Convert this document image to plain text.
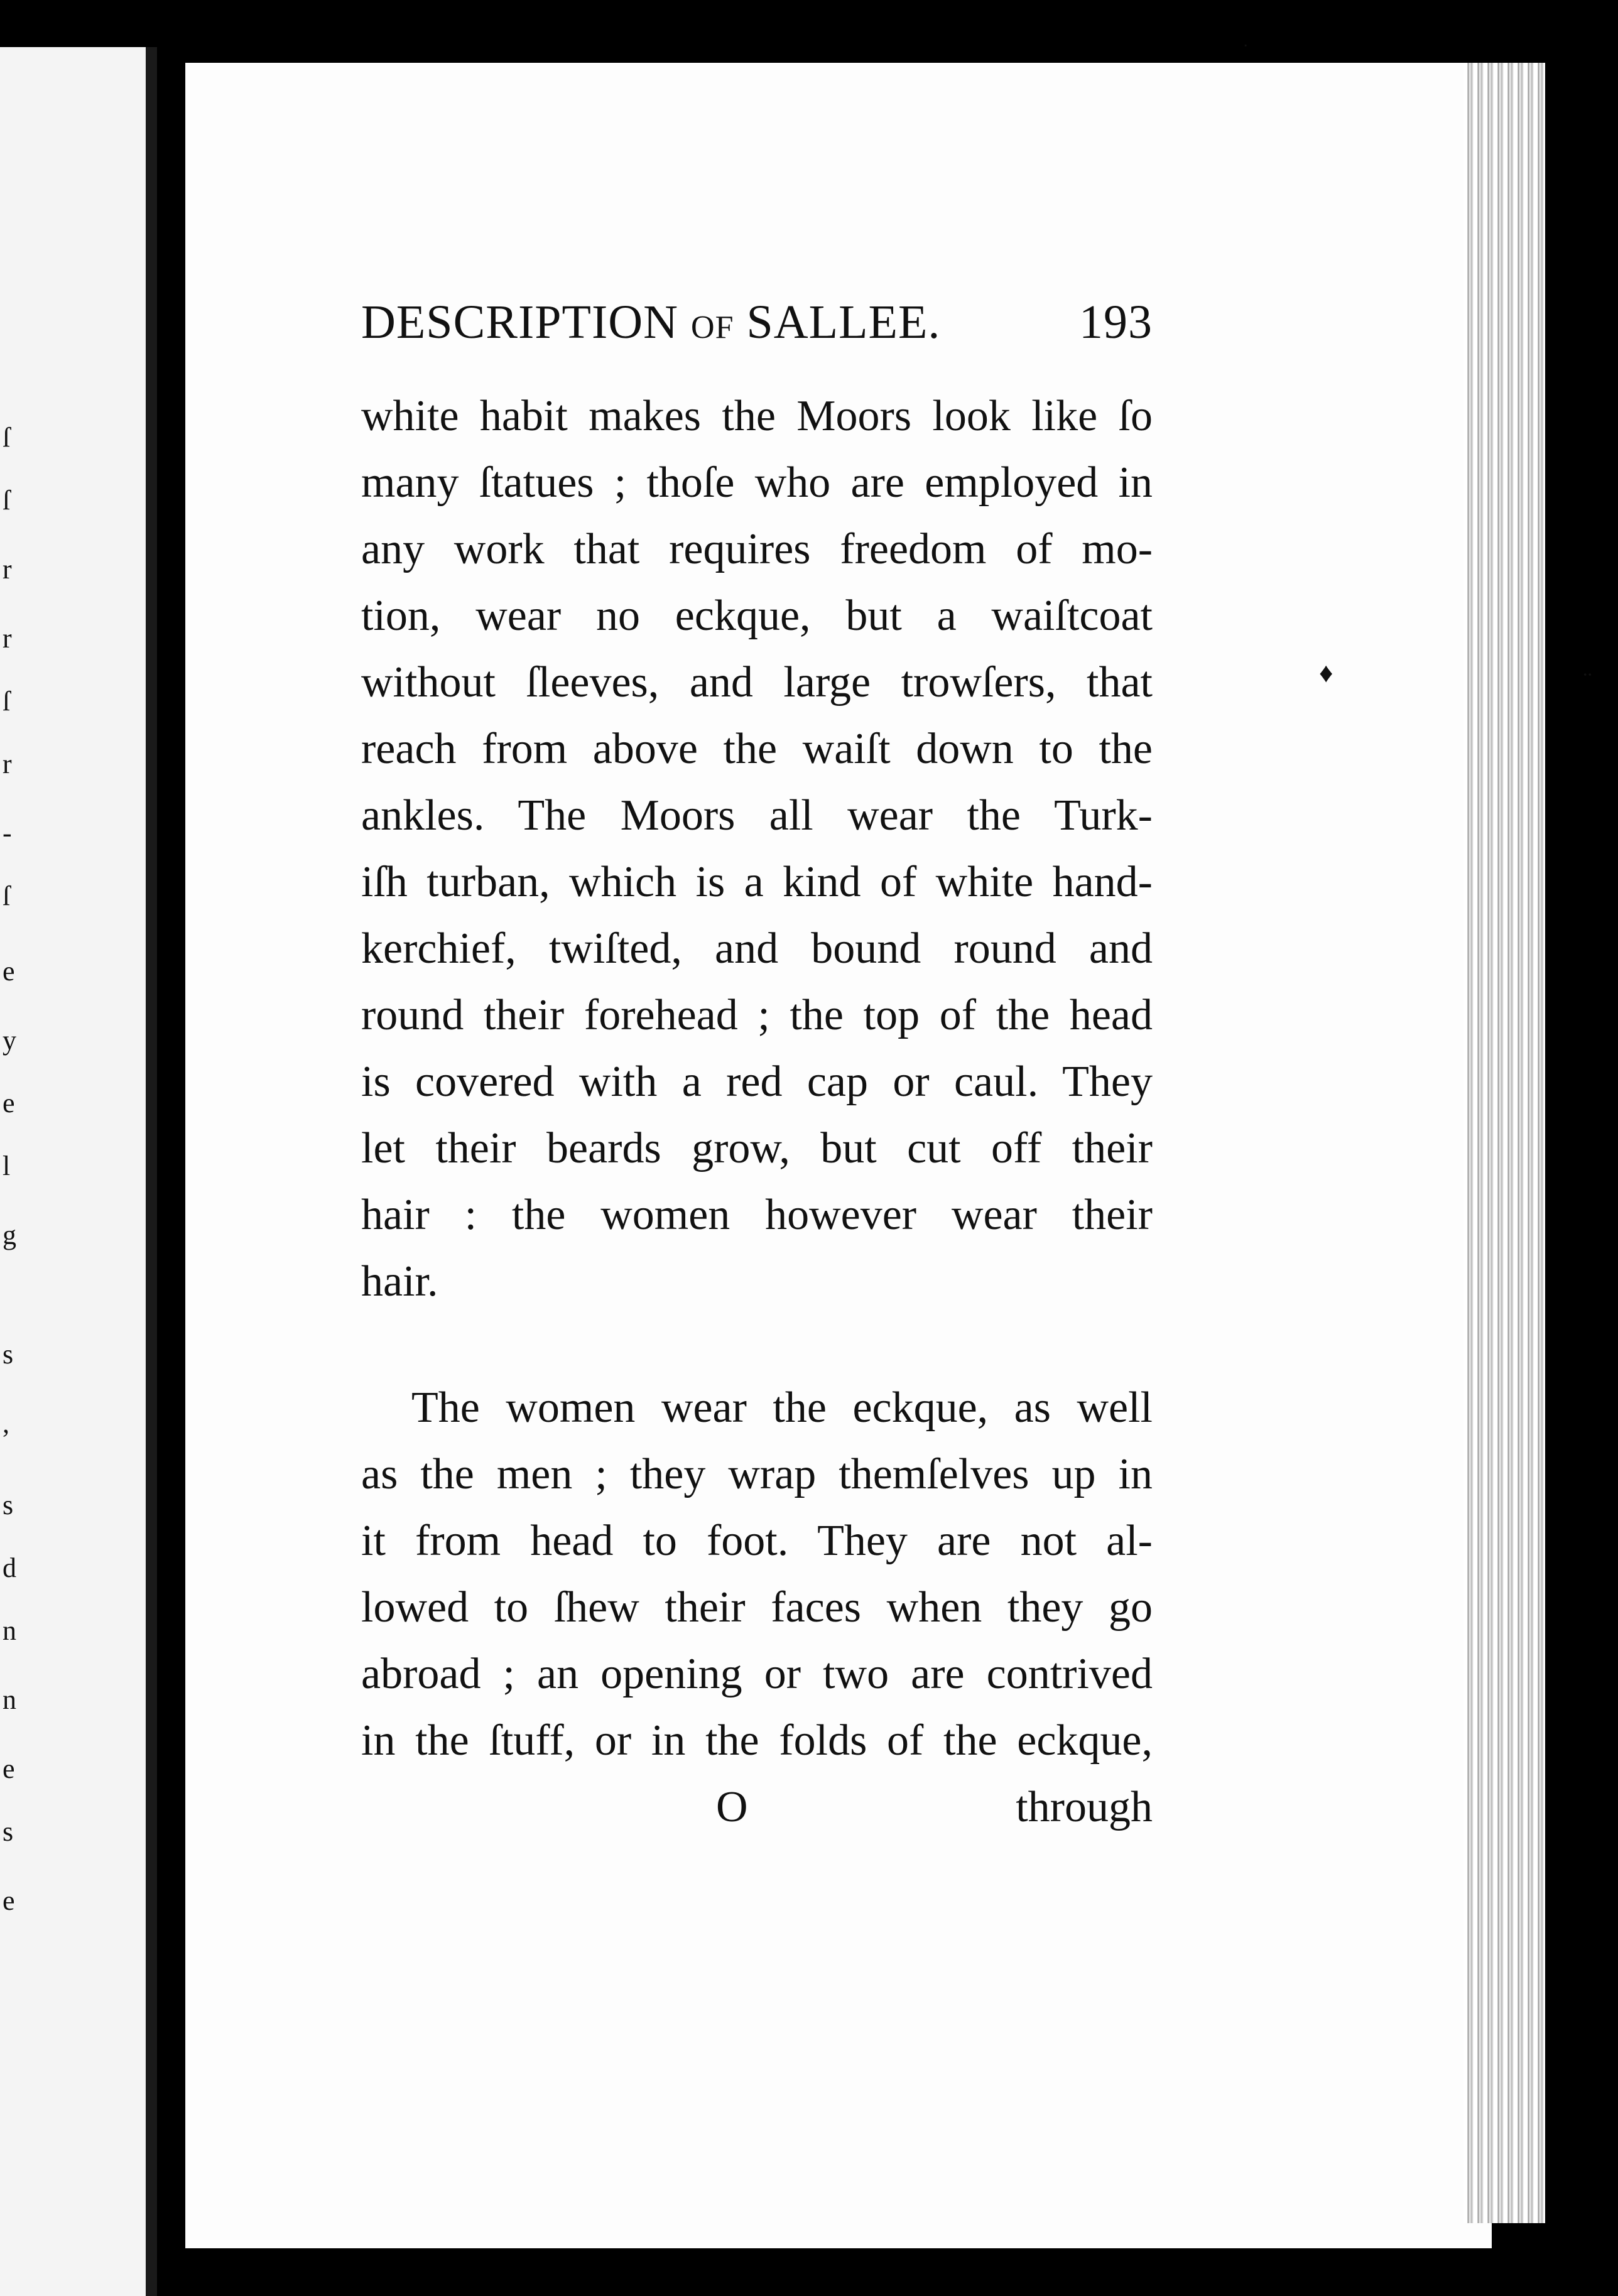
ſ
ſ
r
r
ſ
r
-
ſ
e
y
e
l
g
s
,
s
d
n
n
e
s
e
♦	∙∙
∙
DESCRIPTION OF SALLEE.	193
white habit makes the Moors look like ſo
many ſtatues ; thoſe who are employed in
any work that requires freedom of mo-
tion, wear no eckque, but a waiſtcoat
without ſleeves, and large trowſers, that
reach from above the waiſt down to the
ankles. The Moors all wear the Turk-
iſh turban, which is a kind of white hand-
kerchief, twiſted, and bound round and
round their forehead ; the top of the head
is covered with a red cap or caul. They
let their beards grow, but cut off their
hair : the women however wear their
hair.
The women wear the eckque, as well
as the men ; they wrap themſelves up in
it from head to foot. They are not al-
lowed to ſhew their faces when they go
abroad ; an opening or two are contrived
in the ſtuff, or in the folds of the eckque,
O	through
